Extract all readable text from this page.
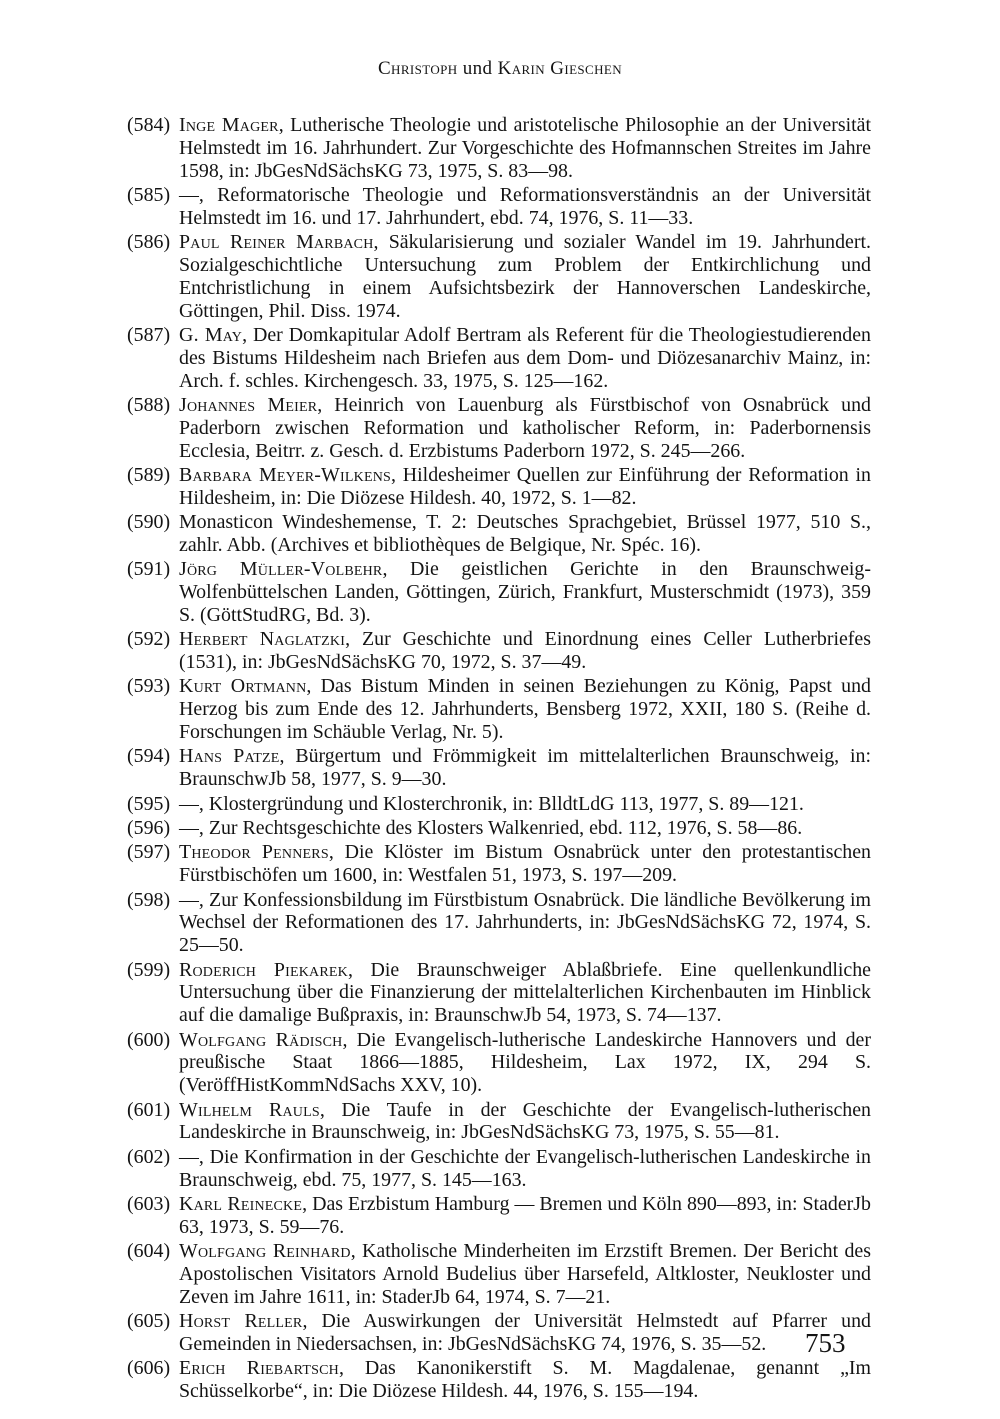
Christoph und Karin Gieschen
(584) Inge Mager, Lutherische Theologie und aristotelische Philosophie an der Universität Helmstedt im 16. Jahrhundert. Zur Vorgeschichte des Hofmannschen Streites im Jahre 1598, in: JbGesNdSächsKG 73, 1975, S. 83—98.
(585) —, Reformatorische Theologie und Reformationsverständnis an der Universität Helmstedt im 16. und 17. Jahrhundert, ebd. 74, 1976, S. 11—33.
(586) Paul Reiner Marbach, Säkularisierung und sozialer Wandel im 19. Jahrhundert. Sozialgeschichtliche Untersuchung zum Problem der Entkirchlichung und Entchristlichung in einem Aufsichtsbezirk der Hannoverschen Landeskirche, Göttingen, Phil. Diss. 1974.
(587) G. May, Der Domkapitular Adolf Bertram als Referent für die Theologiestudierenden des Bistums Hildesheim nach Briefen aus dem Dom- und Diözesanarchiv Mainz, in: Arch. f. schles. Kirchengesch. 33, 1975, S. 125—162.
(588) Johannes Meier, Heinrich von Lauenburg als Fürstbischof von Osnabrück und Paderborn zwischen Reformation und katholischer Reform, in: Paderbornensis Ecclesia, Beitrr. z. Gesch. d. Erzbistums Paderborn 1972, S. 245—266.
(589) Barbara Meyer-Wilkens, Hildesheimer Quellen zur Einführung der Reformation in Hildesheim, in: Die Diözese Hildesh. 40, 1972, S. 1—82.
(590) Monasticon Windeshemense, T. 2: Deutsches Sprachgebiet, Brüssel 1977, 510 S., zahlr. Abb. (Archives et bibliothèques de Belgique, Nr. Spéc. 16).
(591) Jörg Müller-Volbehr, Die geistlichen Gerichte in den Braunschweig-Wolfenbüttelschen Landen, Göttingen, Zürich, Frankfurt, Musterschmidt (1973), 359 S. (GöttStudRG, Bd. 3).
(592) Herbert Naglatzki, Zur Geschichte und Einordnung eines Celler Lutherbriefes (1531), in: JbGesNdSächsKG 70, 1972, S. 37—49.
(593) Kurt Ortmann, Das Bistum Minden in seinen Beziehungen zu König, Papst und Herzog bis zum Ende des 12. Jahrhunderts, Bensberg 1972, XXII, 180 S. (Reihe d. Forschungen im Schäuble Verlag, Nr. 5).
(594) Hans Patze, Bürgertum und Frömmigkeit im mittelalterlichen Braunschweig, in: BraunschwJb 58, 1977, S. 9—30.
(595) —, Klostergründung und Klosterchronik, in: BlldtLdG 113, 1977, S. 89—121.
(596) —, Zur Rechtsgeschichte des Klosters Walkenried, ebd. 112, 1976, S. 58—86.
(597) Theodor Penners, Die Klöster im Bistum Osnabrück unter den protestantischen Fürstbischöfen um 1600, in: Westfalen 51, 1973, S. 197—209.
(598) —, Zur Konfessionsbildung im Fürstbistum Osnabrück. Die ländliche Bevölkerung im Wechsel der Reformationen des 17. Jahrhunderts, in: JbGesNdSächsKG 72, 1974, S. 25—50.
(599) Roderich Piekarek, Die Braunschweiger Ablaßbriefe. Eine quellenkundliche Untersuchung über die Finanzierung der mittelalterlichen Kirchenbauten im Hinblick auf die damalige Bußpraxis, in: BraunschwJb 54, 1973, S. 74—137.
(600) Wolfgang Rädisch, Die Evangelisch-lutherische Landeskirche Hannovers und der preußische Staat 1866—1885, Hildesheim, Lax 1972, IX, 294 S. (VeröffHistKommNdSachs XXV, 10).
(601) Wilhelm Rauls, Die Taufe in der Geschichte der Evangelisch-lutherischen Landeskirche in Braunschweig, in: JbGesNdSächsKG 73, 1975, S. 55—81.
(602) —, Die Konfirmation in der Geschichte der Evangelisch-lutherischen Landeskirche in Braunschweig, ebd. 75, 1977, S. 145—163.
(603) Karl Reinecke, Das Erzbistum Hamburg — Bremen und Köln 890—893, in: StaderJb 63, 1973, S. 59—76.
(604) Wolfgang Reinhard, Katholische Minderheiten im Erzstift Bremen. Der Bericht des Apostolischen Visitators Arnold Budelius über Harsefeld, Altkloster, Neukloster und Zeven im Jahre 1611, in: StaderJb 64, 1974, S. 7—21.
(605) Horst Reller, Die Auswirkungen der Universität Helmstedt auf Pfarrer und Gemeinden in Niedersachsen, in: JbGesNdSächsKG 74, 1976, S. 35—52.
(606) Erich Riebartsch, Das Kanonikerstift S. M. Magdalenae, genannt „Im Schüsselkorbe“, in: Die Diözese Hildesh. 44, 1976, S. 155—194.
753
